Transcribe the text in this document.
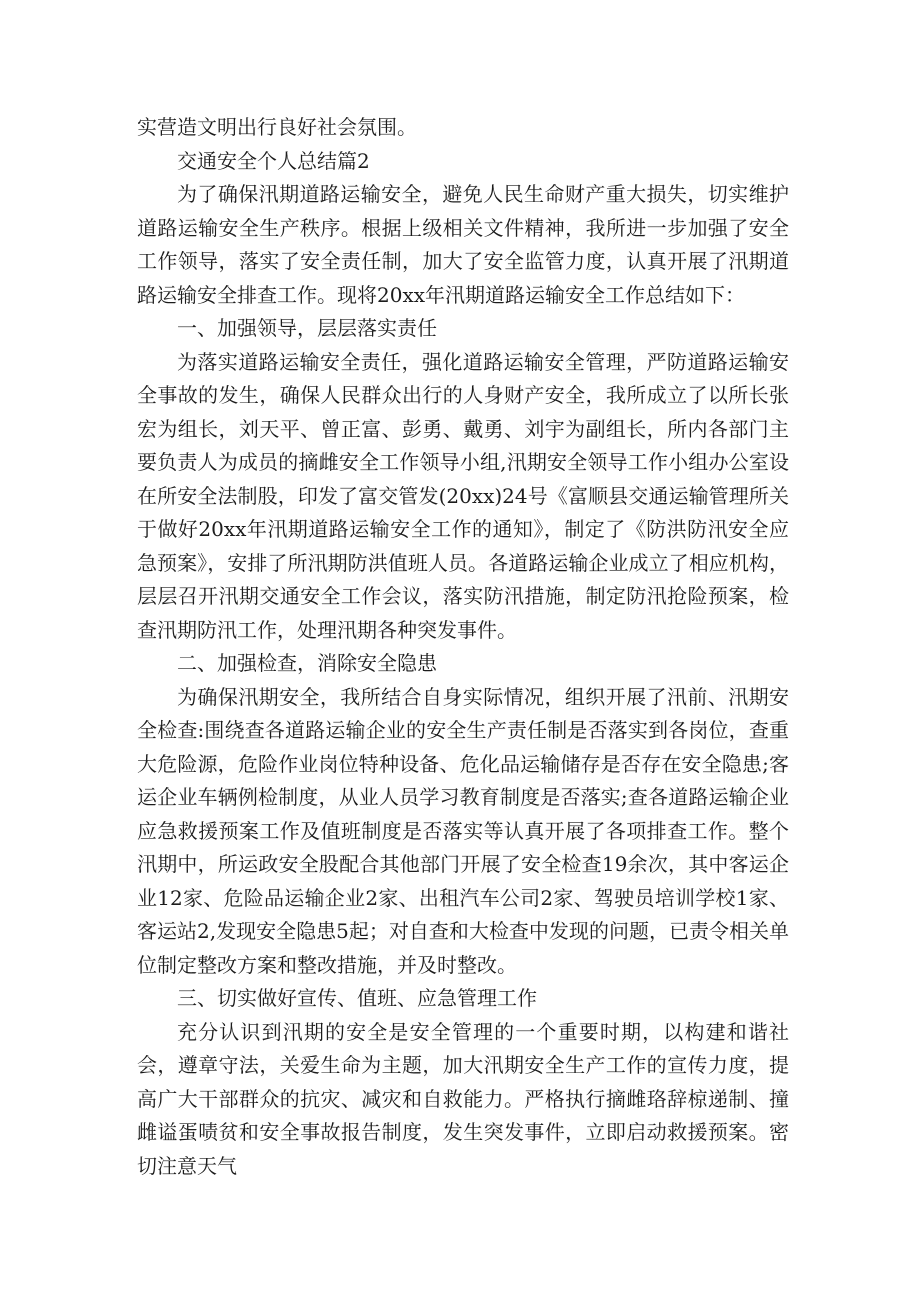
实营造文明出行良好社会氛围。

交通安全个人总结篇2

为了确保汛期道路运输安全，避免人民生命财产重大损失，切实维护道路运输安全生产秩序。根据上级相关文件精神，我所进一步加强了安全工作领导，落实了安全责任制，加大了安全监管力度，认真开展了汛期道路运输安全排查工作。现将20xx年汛期道路运输安全工作总结如下：

一、加强领导，层层落实责任

为落实道路运输安全责任，强化道路运输安全管理，严防道路运输安全事故的发生，确保人民群众出行的人身财产安全，我所成立了以所长张宏为组长，刘天平、曾正富、彭勇、戴勇、刘宇为副组长，所内各部门主要负责人为成员的摘雌安全工作领导小组,汛期安全领导工作小组办公室设在所安全法制股，印发了富交管发(20xx)24号《富顺县交通运输管理所关于做好20xx年汛期道路运输安全工作的通知》，制定了《防洪防汛安全应急预案》，安排了所汛期防洪值班人员。各道路运输企业成立了相应机构，层层召开汛期交通安全工作会议，落实防汛措施，制定防汛抢险预案，检查汛期防汛工作，处理汛期各种突发事件。

二、加强检查，消除安全隐患

为确保汛期安全，我所结合自身实际情况，组织开展了汛前、汛期安全检查:围绕查各道路运输企业的安全生产责任制是否落实到各岗位，查重大危险源，危险作业岗位特种设备、危化品运输储存是否存在安全隐患;客运企业车辆例检制度，从业人员学习教育制度是否落实;查各道路运输企业应急救援预案工作及值班制度是否落实等认真开展了各项排查工作。整个汛期中，所运政安全股配合其他部门开展了安全检查19余次，其中客运企业12家、危险品运输企业2家、出租汽车公司2家、驾驶员培训学校1家、客运站2,发现安全隐患5起；对自查和大检查中发现的问题，已责令相关单位制定整改方案和整改措施，并及时整改。

三、切实做好宣传、值班、应急管理工作

充分认识到汛期的安全是安全管理的一个重要时期，以构建和谐社会，遵章守法，关爱生命为主题，加大汛期安全生产工作的宣传力度，提高广大干部群众的抗灾、减灾和自救能力。严格执行摘雌珞辞椋递制、撞雌谥蛋啧贫和安全事故报告制度，发生突发事件，立即启动救援预案。密切注意天气
